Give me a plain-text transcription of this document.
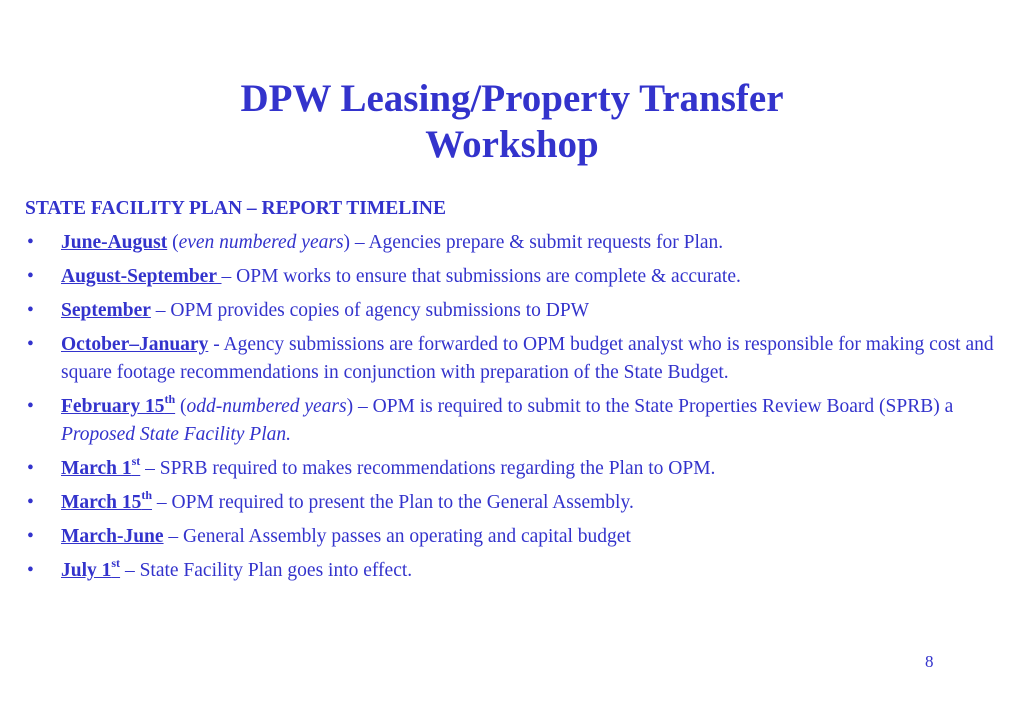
DPW Leasing/Property Transfer
Workshop
STATE FACILITY PLAN – REPORT TIMELINE
• June-August (even numbered years) – Agencies prepare & submit requests for Plan.
• August-September – OPM works to ensure that submissions are complete & accurate.
• September – OPM provides copies of agency submissions to DPW
• October–January - Agency submissions are forwarded to OPM budget analyst who is responsible for making cost and square footage recommendations in conjunction with preparation of the State Budget.
• February 15th (odd-numbered years) – OPM is required to submit to the State Properties Review Board (SPRB) a Proposed State Facility Plan.
• March 1st – SPRB required to makes recommendations regarding the Plan to OPM.
• March 15th – OPM required to present the Plan to the General Assembly.
• March-June – General Assembly passes an operating and capital budget
• July 1st – State Facility Plan goes into effect.
8
